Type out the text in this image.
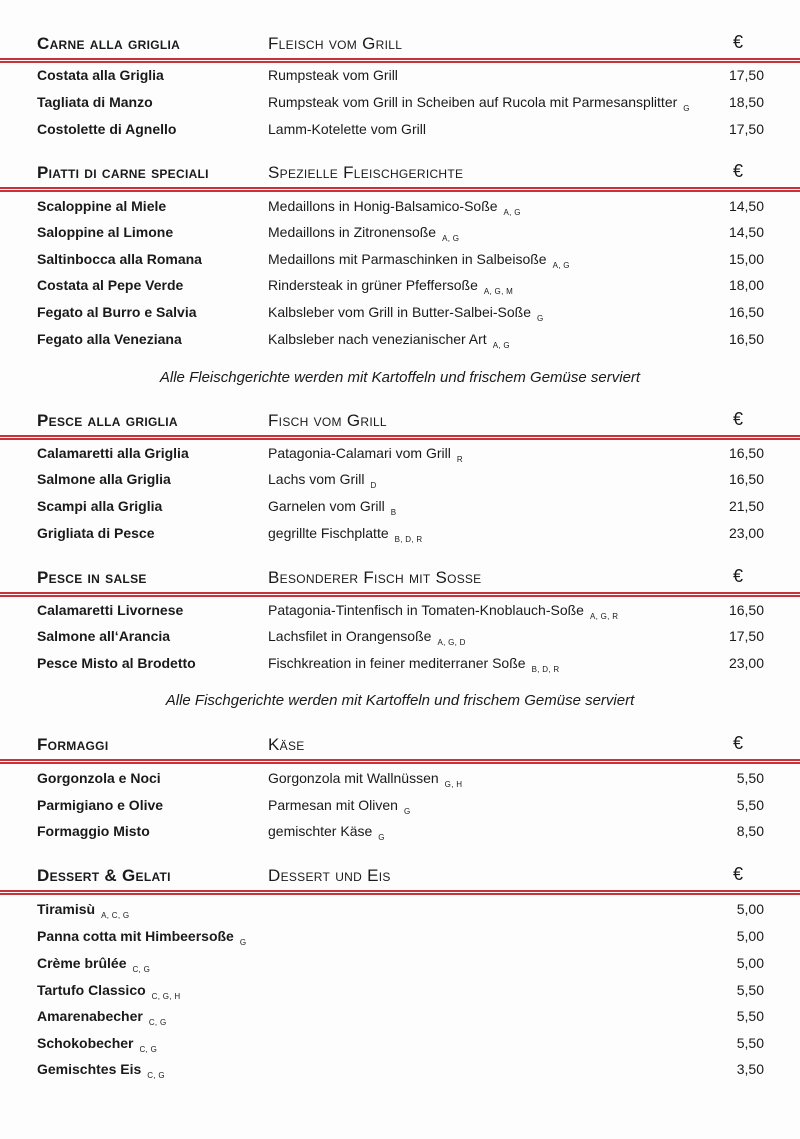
Carne alla griglia	Fleisch vom Grill	€
Costata alla Griglia	Rumpsteak vom Grill	17,50
Tagliata di Manzo	Rumpsteak vom Grill in Scheiben auf Rucola mit Parmesansplitter $_G$	18,50
Costolette di Agnello	Lamm-Kotelette vom Grill	17,50
Piatti di carne speciali	Spezielle Fleischgerichte	€
Scaloppine al Miele	Medaillons in Honig-Balsamico-Soße $_{A, G}$	14,50
Saloppine al Limone	Medaillons in Zitronensoße $_{A, G}$	14,50
Saltinbocca alla Romana	Medaillons mit Parmaschinken in Salbeisoße $_{A, G}$	15,00
Costata al Pepe Verde	Rindersteak in grüner Pfeffersoße $_{A, G, M}$	18,00
Fegato al Burro e Salvia	Kalbsleber vom Grill in Butter-Salbei-Soße $_G$	16,50
Fegato alla Veneziana	Kalbsleber nach venezianischer Art $_{A, G}$	16,50
Alle Fleischgerichte werden mit Kartoffeln und frischem Gemüse serviert
Pesce alla griglia	Fisch vom Grill	€
Calamaretti alla Griglia	Patagonia-Calamari vom Grill $_R$	16,50
Salmone alla Griglia	Lachs vom Grill $_D$	16,50
Scampi alla Griglia	Garnelen vom Grill $_B$	21,50
Grigliata di Pesce	gegrillte Fischplatte $_{B, D, R}$	23,00
Pesce in salse	Besonderer Fisch mit Soße	€
Calamaretti Livornese	Patagonia-Tintenfisch in Tomaten-Knoblauch-Soße $_{A, G, R}$	16,50
Salmone all‘Arancia	Lachsfilet in Orangensoße $_{A, G, D}$	17,50
Pesce Misto al Brodetto	Fischkreation in feiner mediterraner Soße $_{B, D, R}$	23,00
Alle Fischgerichte werden mit Kartoffeln und frischem Gemüse serviert
Formaggi	Käse	€
Gorgonzola e Noci	Gorgonzola mit Wallnüssen $_{G, H}$	5,50
Parmigiano e Olive	Parmesan mit Oliven $_G$	5,50
Formaggio Misto	gemischter Käse $_G$	8,50
Dessert & Gelati	Dessert und Eis	€
Tiramisù $_{A, C, G}$	5,00
Panna cotta mit Himbeersoße $_G$	5,00
Crème brûlée $_{C, G}$	5,00
Tartufo Classico $_{C, G, H}$	5,50
Amarenabecher $_{C, G}$	5,50
Schokobecher $_{C, G}$	5,50
Gemischtes Eis $_{C, G}$	3,50
